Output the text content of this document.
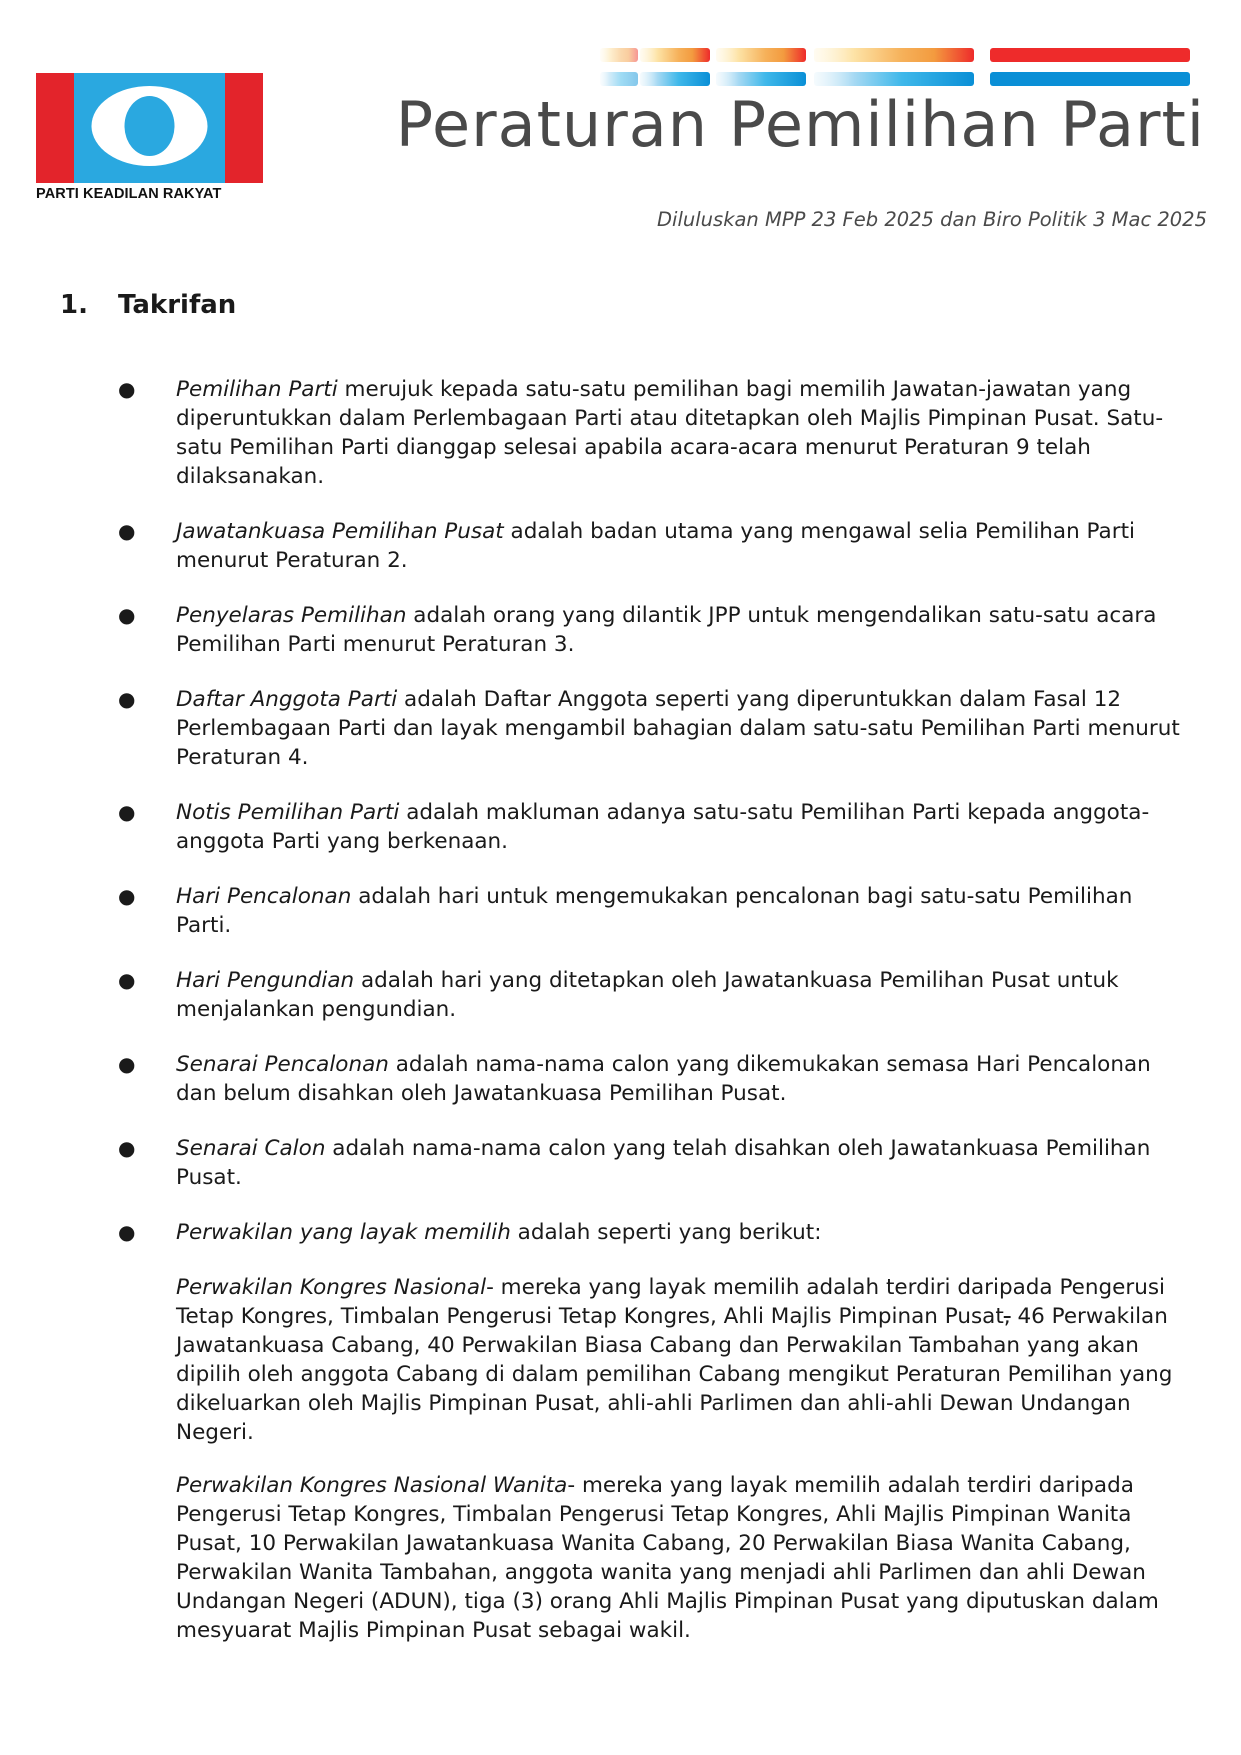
PARTI KEADILAN RAKYAT
Peraturan Pemilihan Parti
Diluluskan MPP 23 Feb 2025 dan Biro Politik 3 Mac 2025
1. Takrifan
● Pemilihan Parti merujuk kepada satu-satu pemilihan bagi memilih Jawatan-jawatan yang diperuntukkan dalam Perlembagaan Parti atau ditetapkan oleh Majlis Pimpinan Pusat. Satu-satu Pemilihan Parti dianggap selesai apabila acara-acara menurut Peraturan 9 telah dilaksanakan.
● Jawatankuasa Pemilihan Pusat adalah badan utama yang mengawal selia Pemilihan Parti menurut Peraturan 2.
● Penyelaras Pemilihan adalah orang yang dilantik JPP untuk mengendalikan satu-satu acara Pemilihan Parti menurut Peraturan 3.
● Daftar Anggota Parti adalah Daftar Anggota seperti yang diperuntukkan dalam Fasal 12 Perlembagaan Parti dan layak mengambil bahagian dalam satu-satu Pemilihan Parti menurut Peraturan 4.
● Notis Pemilihan Parti adalah makluman adanya satu-satu Pemilihan Parti kepada anggota-anggota Parti yang berkenaan.
● Hari Pencalonan adalah hari untuk mengemukakan pencalonan bagi satu-satu Pemilihan Parti.
● Hari Pengundian adalah hari yang ditetapkan oleh Jawatankuasa Pemilihan Pusat untuk menjalankan pengundian.
● Senarai Pencalonan adalah nama-nama calon yang dikemukakan semasa Hari Pencalonan dan belum disahkan oleh Jawatankuasa Pemilihan Pusat.
● Senarai Calon adalah nama-nama calon yang telah disahkan oleh Jawatankuasa Pemilihan Pusat.
● Perwakilan yang layak memilih adalah seperti yang berikut:
Perwakilan Kongres Nasional- mereka yang layak memilih adalah terdiri daripada Pengerusi Tetap Kongres, Timbalan Pengerusi Tetap Kongres, Ahli Majlis Pimpinan Pusat, 46 Perwakilan Jawatankuasa Cabang, 40 Perwakilan Biasa Cabang dan Perwakilan Tambahan yang akan dipilih oleh anggota Cabang di dalam pemilihan Cabang mengikut Peraturan Pemilihan yang dikeluarkan oleh Majlis Pimpinan Pusat, ahli-ahli Parlimen dan ahli-ahli Dewan Undangan Negeri.
Perwakilan Kongres Nasional Wanita- mereka yang layak memilih adalah terdiri daripada Pengerusi Tetap Kongres, Timbalan Pengerusi Tetap Kongres, Ahli Majlis Pimpinan Wanita Pusat, 10 Perwakilan Jawatankuasa Wanita Cabang, 20 Perwakilan Biasa Wanita Cabang, Perwakilan Wanita Tambahan, anggota wanita yang menjadi ahli Parlimen dan ahli Dewan Undangan Negeri (ADUN), tiga (3) orang Ahli Majlis Pimpinan Pusat yang diputuskan dalam mesyuarat Majlis Pimpinan Pusat sebagai wakil.
